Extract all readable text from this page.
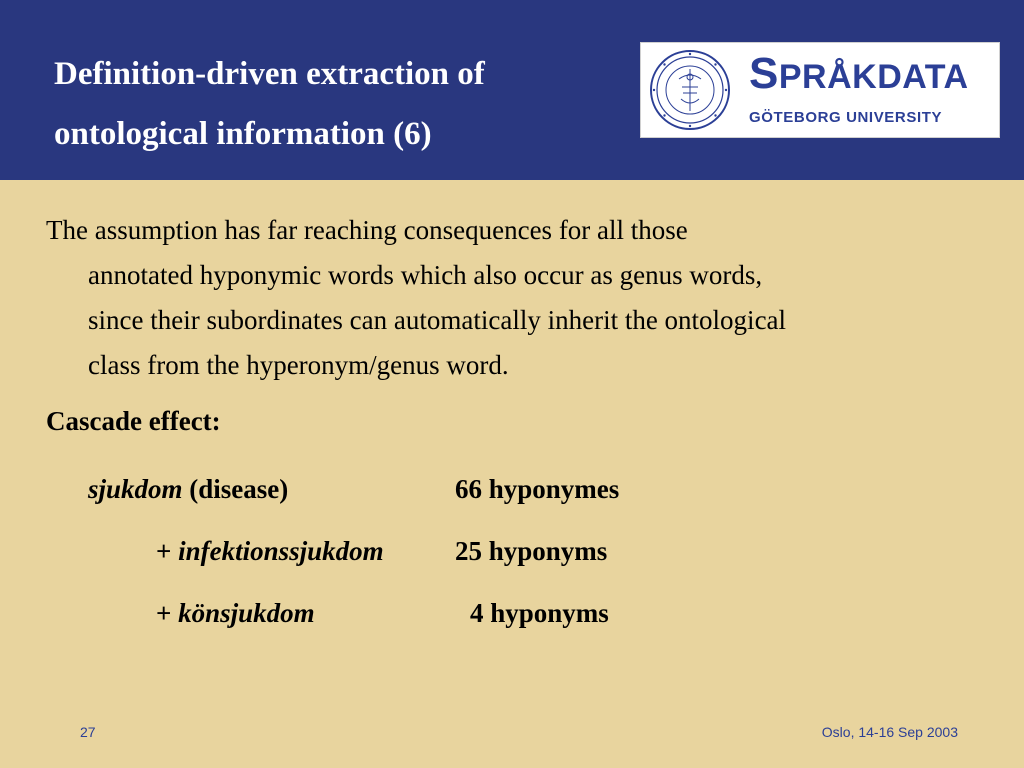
Definition-driven extraction of
ontological information (6)
SPRÅKDATA
GÖTEBORG UNIVERSITY
The assumption has far reaching consequences for all those
annotated hyponymic words which also occur as genus words,
since their subordinates can automatically inherit the ontological
class from the hyperonym/genus word.
Cascade effect:
sjukdom (disease)	66 hyponymes
+ infektionssjukdom	25 hyponyms
+ könsjukdom	4 hyponyms
27	Oslo, 14-16 Sep 2003
